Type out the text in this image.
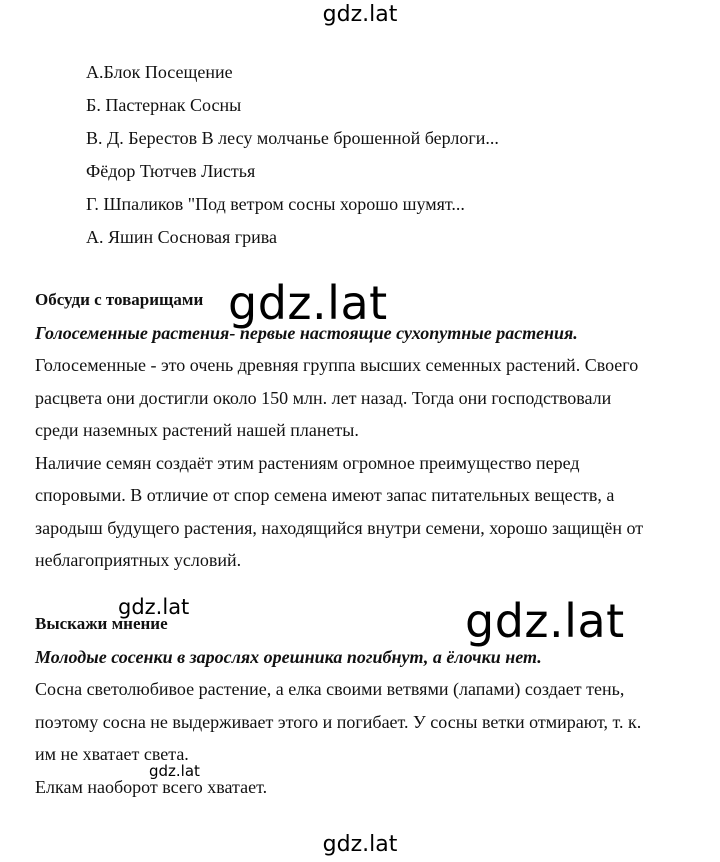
gdz.lat
А.Блок Посещение
Б. Пастернак Сосны
В. Д. Берестов В лесу молчанье брошенной берлоги...
Фёдор Тютчев Листья
Г. Шпаликов "Под ветром сосны хорошо шумят...
А. Яшин Сосновая грива
Обсуди с товарищами
Голосеменные растения- первые настоящие сухопутные растения.
Голосеменные - это очень древняя группа высших семенных растений. Своего
расцвета они достигли около 150 млн. лет назад. Тогда они господствовали
среди наземных растений нашей планеты.
Наличие семян создаёт этим растениям огромное преимущество перед
споровыми. В отличие от спор семена имеют запас питательных веществ, а
зародыш будущего растения, находящийся внутри семени, хорошо защищён от
неблагоприятных условий.
Выскажи мнение
Молодые сосенки в зарослях орешника погибнут, а ёлочки нет.
Сосна светолюбивое растение, а елка своими ветвями (лапами) создает тень,
поэтому сосна не выдерживает этого и погибает. У сосны ветки отмирают, т. к.
им не хватает света.
Елкам наоборот всего хватает.
gdz.lat
gdz.lat
gdz.lat
gdz.lat
gdz.lat
